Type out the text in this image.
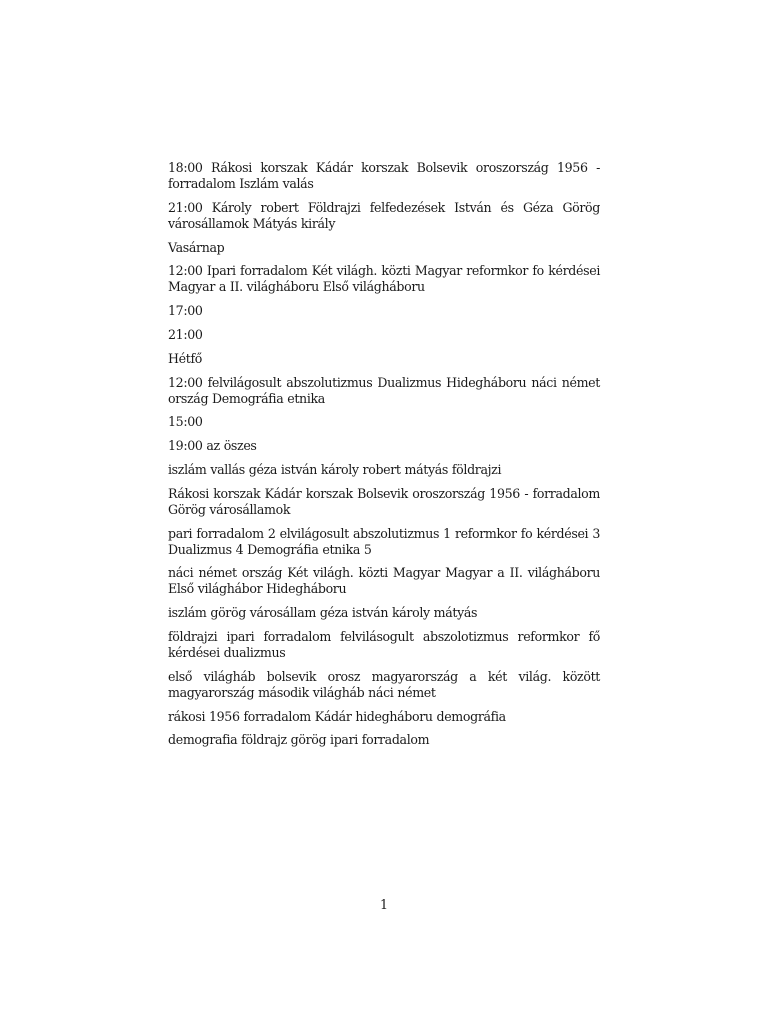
18:00 Rákosi korszak Kádár korszak Bolsevik oroszország 1956 - forradalom Iszlám valás

21:00 Károly robert Földrajzi felfedezések István és Géza Görög városállamok Mátyás király

Vasárnap

12:00 Ipari forradalom Két világh. közti Magyar reformkor fo kérdései Magyar a II. világháboru Első világháboru

17:00

21:00

Hétfő

12:00 felvilágosult abszolutizmus Dualizmus Hidegháboru náci német ország Demográfia etnika

15:00

19:00 az öszes

iszlám vallás géza istván károly robert mátyás földrajzi

Rákosi korszak Kádár korszak Bolsevik oroszország 1956 - forradalom Görög városállamok

pari forradalom 2 elvilágosult abszolutizmus 1 reformkor fo kérdései 3 Dualizmus 4 Demográfia etnika 5

náci német ország Két világh. közti Magyar Magyar a II. világháboru Első világhábor Hidegháboru

iszlám görög városállam géza istván károly mátyás

földrajzi ipari forradalom felvilásogult abszolotizmus reformkor fő kérdései dualizmus

első világháb bolsevik orosz magyarország a két világ. között magyarország második világháb náci német

rákosi 1956 forradalom Kádár hidegháboru demográfia

demografia földrajz görög ipari forradalom

1
